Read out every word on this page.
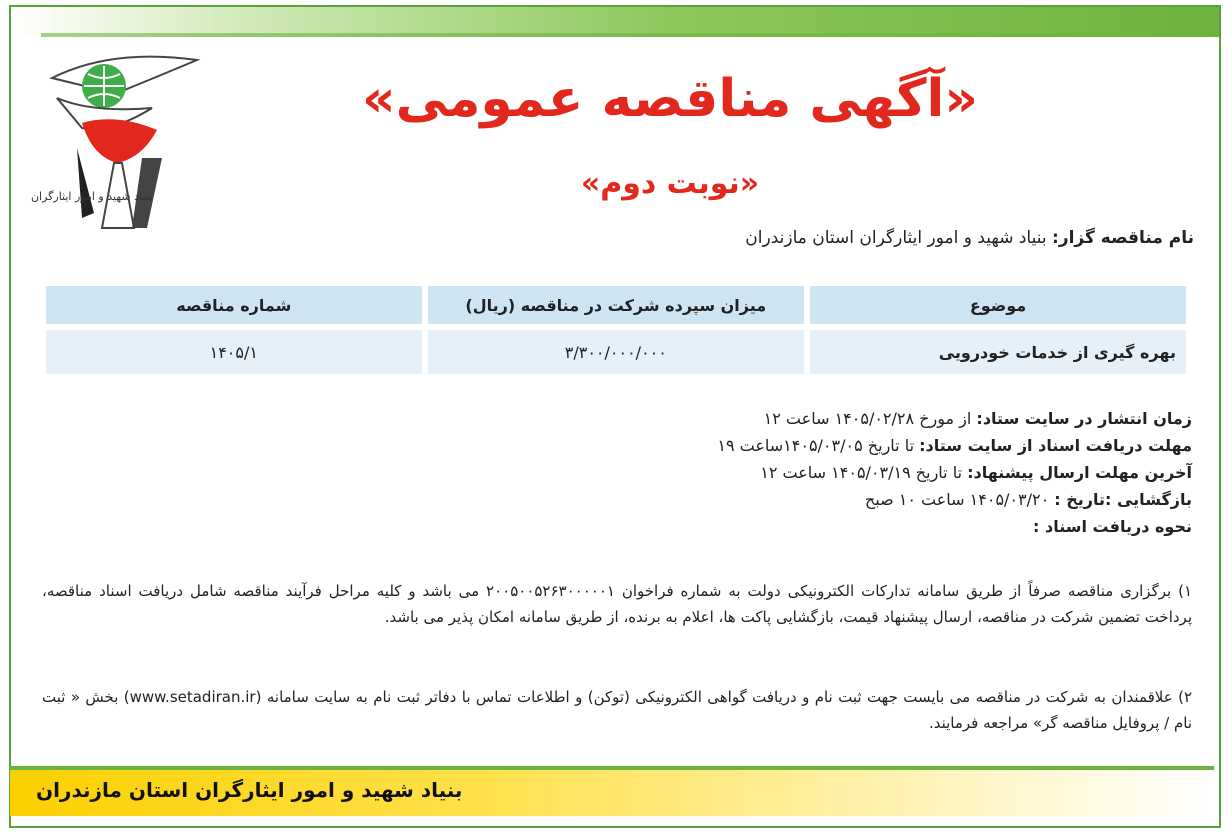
بنیاد شهید و امور ایثارگران
«آگهی مناقصه عمومی»
«نوبت دوم»
نام مناقصه گزار: بنیاد شهید و امور ایثارگران استان مازندران
موضوع	میزان سپرده شرکت در مناقصه (ریال)	شماره مناقصه
بهره گیری از خدمات خودرویی	۳/۳۰۰/۰۰۰/۰۰۰	۱۴۰۵/۱
زمان انتشار در سایت ستاد: از مورخ ۱۴۰۵/۰۲/۲۸ ساعت ۱۲
مهلت دریافت اسناد از سایت ستاد: تا تاریخ ۱۴۰۵/۰۳/۰۵ساعت ۱۹
آخرین مهلت ارسال پیشنهاد: تا تاریخ ۱۴۰۵/۰۳/۱۹ ساعت ۱۲
بازگشایی :تاریخ : ۱۴۰۵/۰۳/۲۰ ساعت ۱۰ صبح
نحوه دریافت اسناد :
۱) برگزاری مناقصه صرفاً از طریق سامانه تدارکات الکترونیکی دولت به شماره فراخوان ۲۰۰۵۰۰۵۲۶۳۰۰۰۰۰۱ می باشد و کلیه مراحل فرآیند مناقصه شامل دریافت اسناد مناقصه، پرداخت تضمین شرکت در مناقصه، ارسال پیشنهاد قیمت، بازگشایی پاکت ها، اعلام به برنده، از طریق سامانه امکان پذیر می باشد.
۲) علاقمندان به شرکت در مناقصه می بایست جهت ثبت نام و دریافت گواهی الکترونیکی (توکن) و اطلاعات تماس با دفاتر ثبت نام به سایت سامانه (www.setadiran.ir) بخش « ثبت نام / پروفایل مناقصه گر» مراجعه فرمایند.
بنیاد شهید و امور ایثارگران استان مازندران
